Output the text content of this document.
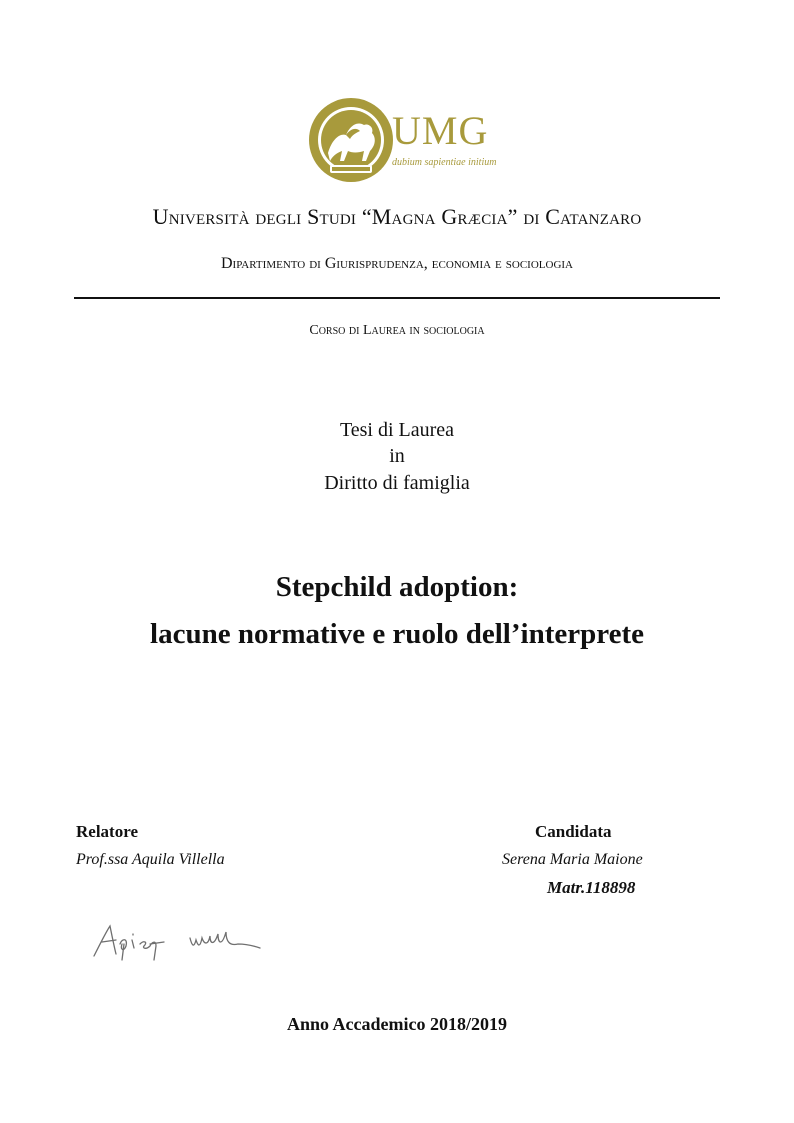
UMG
dubium sapientiae initium
Università degli Studi “Magna Græcia” di Catanzaro
Dipartimento di Giurisprudenza, economia e sociologia
Corso di Laurea in sociologia
Tesi di Laurea
in
Diritto di famiglia
Stepchild adoption:
lacune normative e ruolo dell’interprete
Relatore
Prof.ssa Aquila Villella
Candidata
Serena Maria Maione
Matr.118898
Anno Accademico 2018/2019
